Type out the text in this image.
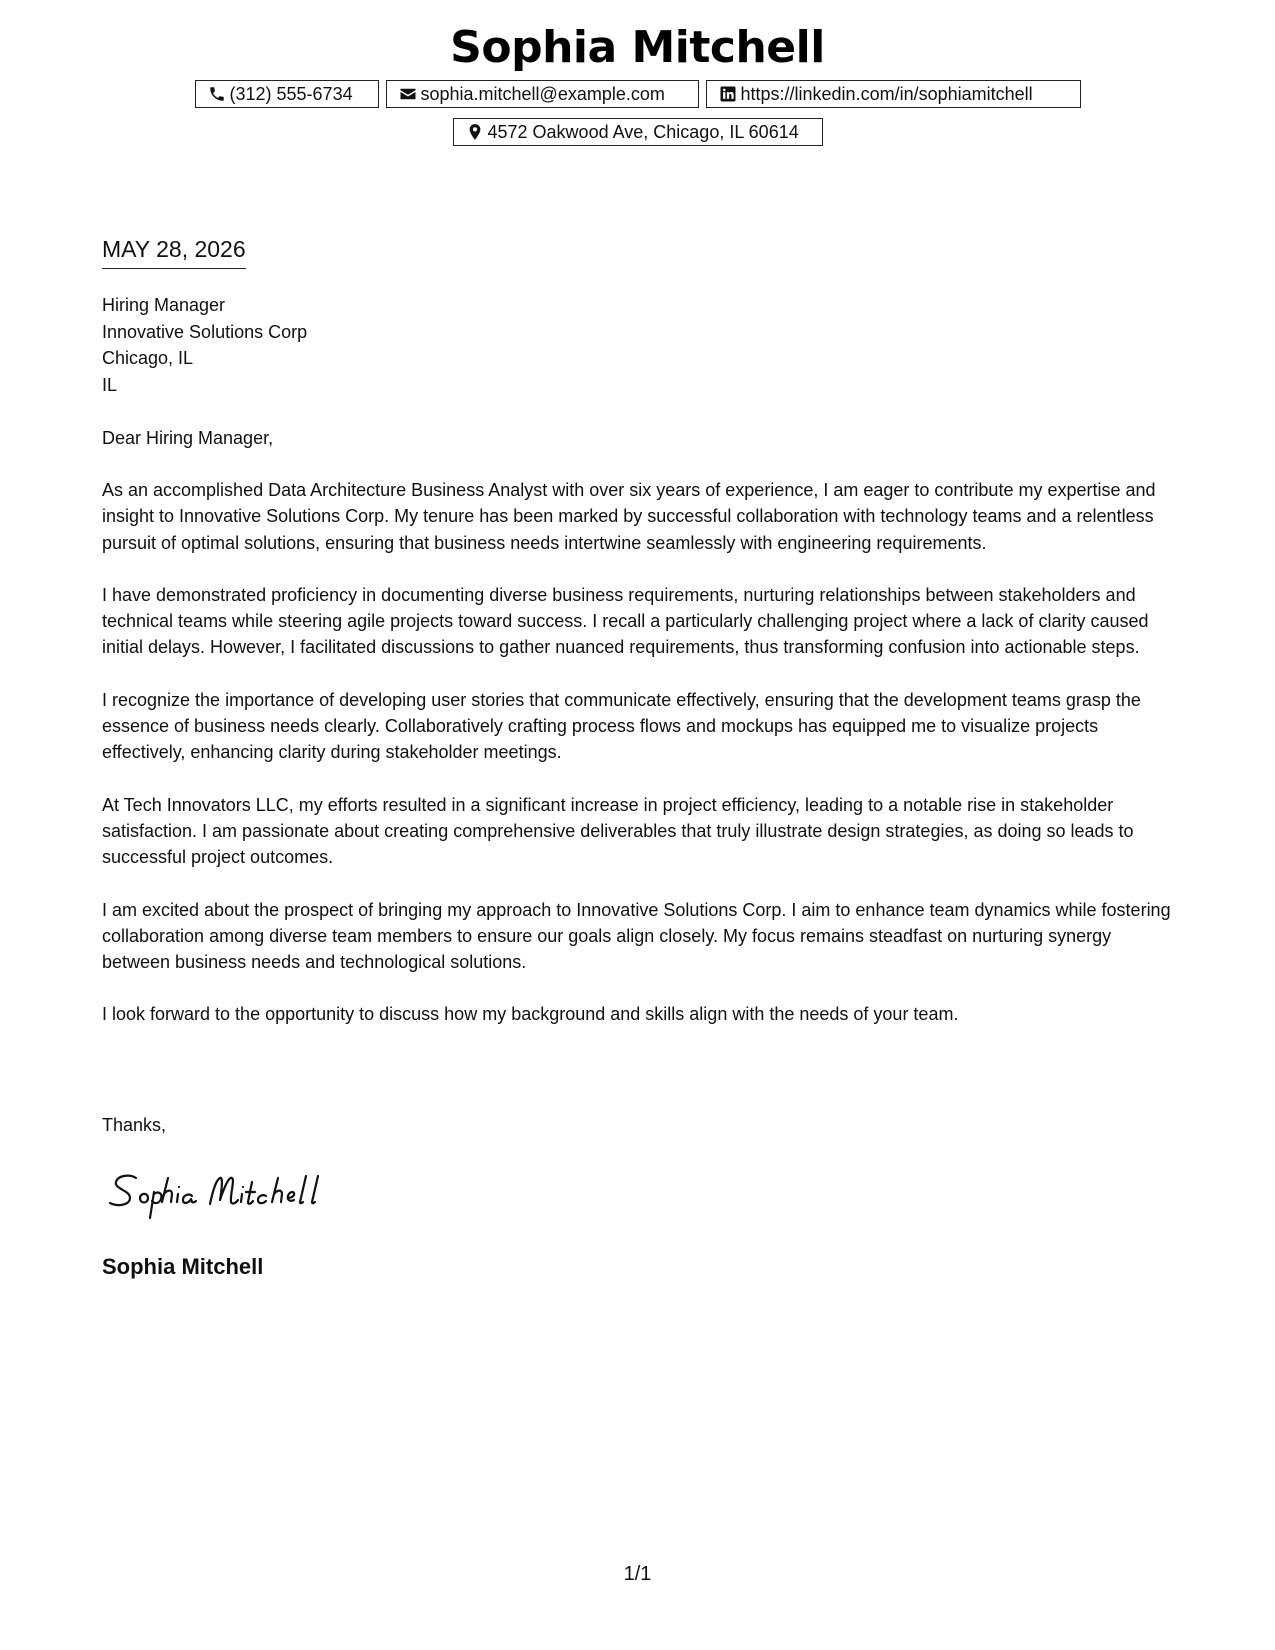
Sophia Mitchell
(312) 555-6734	sophia.mitchell@example.com	https://linkedin.com/in/sophiamitchell
4572 Oakwood Ave, Chicago, IL 60614
MAY 28, 2026
Hiring Manager
Innovative Solutions Corp
Chicago, IL
IL
Dear Hiring Manager,

As an accomplished Data Architecture Business Analyst with over six years of experience, I am eager to contribute my expertise and insight to Innovative Solutions Corp. My tenure has been marked by successful collaboration with technology teams and a relentless pursuit of optimal solutions, ensuring that business needs intertwine seamlessly with engineering requirements.

I have demonstrated proficiency in documenting diverse business requirements, nurturing relationships between stakeholders and technical teams while steering agile projects toward success. I recall a particularly challenging project where a lack of clarity caused initial delays. However, I facilitated discussions to gather nuanced requirements, thus transforming confusion into actionable steps.

I recognize the importance of developing user stories that communicate effectively, ensuring that the development teams grasp the essence of business needs clearly. Collaboratively crafting process flows and mockups has equipped me to visualize projects effectively, enhancing clarity during stakeholder meetings.

At Tech Innovators LLC, my efforts resulted in a significant increase in project efficiency, leading to a notable rise in stakeholder satisfaction. I am passionate about creating comprehensive deliverables that truly illustrate design strategies, as doing so leads to successful project outcomes.

I am excited about the prospect of bringing my approach to Innovative Solutions Corp. I aim to enhance team dynamics while fostering collaboration among diverse team members to ensure our goals align closely. My focus remains steadfast on nurturing synergy between business needs and technological solutions.

I look forward to the opportunity to discuss how my background and skills align with the needs of your team.

Thanks,
Sophia Mitchell
1/1
